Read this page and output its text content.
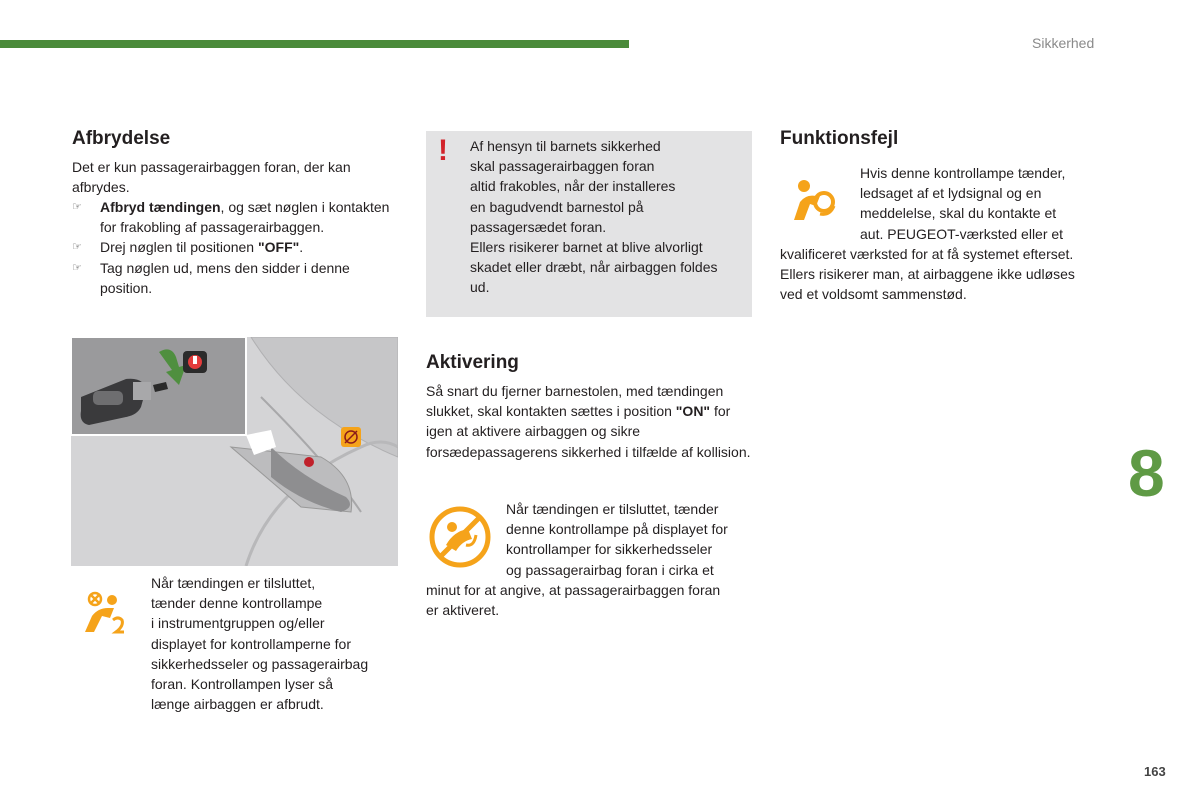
Sikkerhed
8
163
Afbrydelse
Det er kun passagerairbaggen foran, der kan afbrydes.
☞ Afbryd tændingen, og sæt nøglen i kontakten for frakobling af passagerairbaggen.
☞ Drej nøglen til positionen "OFF".
☞ Tag nøglen ud, mens den sidder i denne position.
Når tændingen er tilsluttet,
tænder denne kontrollampe
i instrumentgruppen og/eller
displayet for kontrollamperne for
sikkerhedsseler og passagerairbag
foran. Kontrollampen lyser så
længe airbaggen er afbrudt.
! Af hensyn til barnets sikkerhed
skal passagerairbaggen foran
altid frakobles, når der installeres
en bagudvendt barnestol på
passagersædet foran.
Ellers risikerer barnet at blive alvorligt
skadet eller dræbt, når airbaggen foldes
ud.
Aktivering
Så snart du fjerner barnestolen, med tændingen slukket, skal kontakten sættes i position "ON" for igen at aktivere airbaggen og sikre forsædepassagerens sikkerhed i tilfælde af kollision.
Når tændingen er tilsluttet, tænder
denne kontrollampe på displayet for
kontrollamper for sikkerhedsseler
og passagerairbag foran i cirka et
minut for at angive, at passagerairbaggen foran
er aktiveret.
Funktionsfejl
Hvis denne kontrollampe tænder,
ledsaget af et lydsignal og en
meddelelse, skal du kontakte et
aut. PEUGEOT-værksted eller et
kvalificeret værksted for at få systemet efterset.
Ellers risikerer man, at airbaggene ikke udløses
ved et voldsomt sammenstød.
